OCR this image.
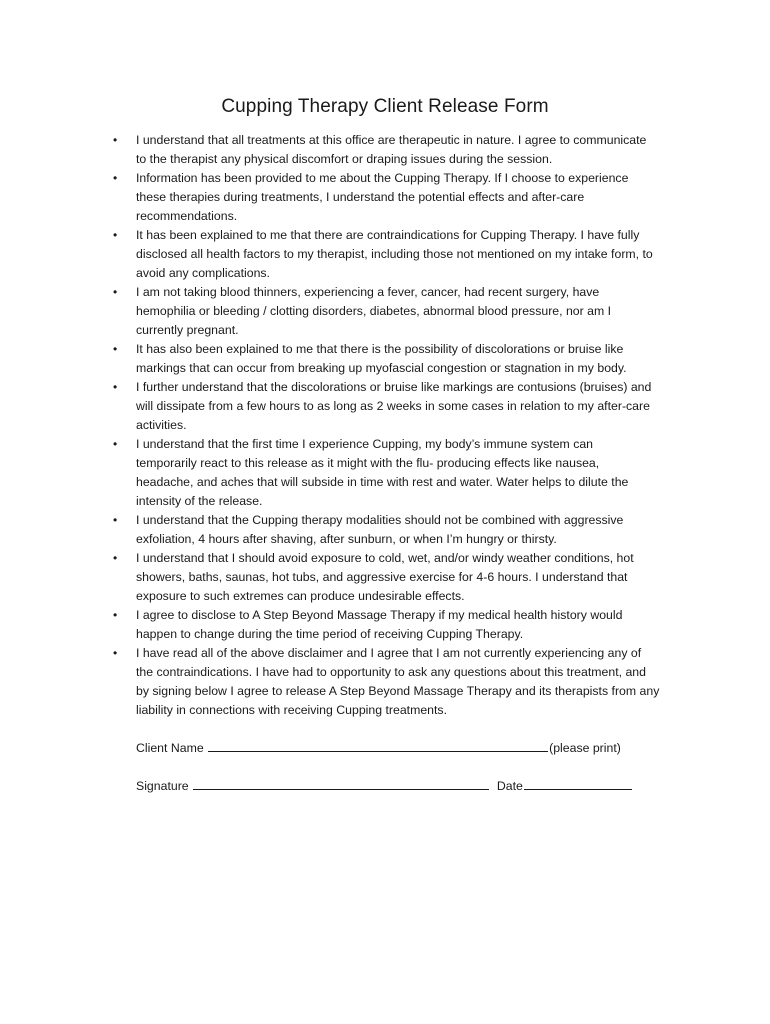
Cupping Therapy Client Release Form
• I understand that all treatments at this office are therapeutic in nature. I agree to communicate
to the therapist any physical discomfort or draping issues during the session.
• Information has been provided to me about the Cupping Therapy. If I choose to experience
these therapies during treatments, I understand the potential effects and after-care
recommendations.
• It has been explained to me that there are contraindications for Cupping Therapy. I have fully
disclosed all health factors to my therapist, including those not mentioned on my intake form, to
avoid any complications.
• I am not taking blood thinners, experiencing a fever, cancer, had recent surgery, have
hemophilia or bleeding / clotting disorders, diabetes, abnormal blood pressure, nor am I
currently pregnant.
• It has also been explained to me that there is the possibility of discolorations or bruise like
markings that can occur from breaking up myofascial congestion or stagnation in my body.
• I further understand that the discolorations or bruise like markings are contusions (bruises) and
will dissipate from a few hours to as long as 2 weeks in some cases in relation to my after-care
activities.
• I understand that the first time I experience Cupping, my body’s immune system can
temporarily react to this release as it might with the flu- producing effects like nausea,
headache, and aches that will subside in time with rest and water. Water helps to dilute the
intensity of the release.
• I understand that the Cupping therapy modalities should not be combined with aggressive
exfoliation, 4 hours after shaving, after sunburn, or when I’m hungry or thirsty.
• I understand that I should avoid exposure to cold, wet, and/or windy weather conditions, hot
showers, baths, saunas, hot tubs, and aggressive exercise for 4-6 hours. I understand that
exposure to such extremes can produce undesirable effects.
• I agree to disclose to A Step Beyond Massage Therapy if my medical health history would
happen to change during the time period of receiving Cupping Therapy.
• I have read all of the above disclaimer and I agree that I am not currently experiencing any of
the contraindications. I have had to opportunity to ask any questions about this treatment, and
by signing below I agree to release A Step Beyond Massage Therapy and its therapists from any
liability in connections with receiving Cupping treatments.
Client Name	(please print)
Signature	Date
